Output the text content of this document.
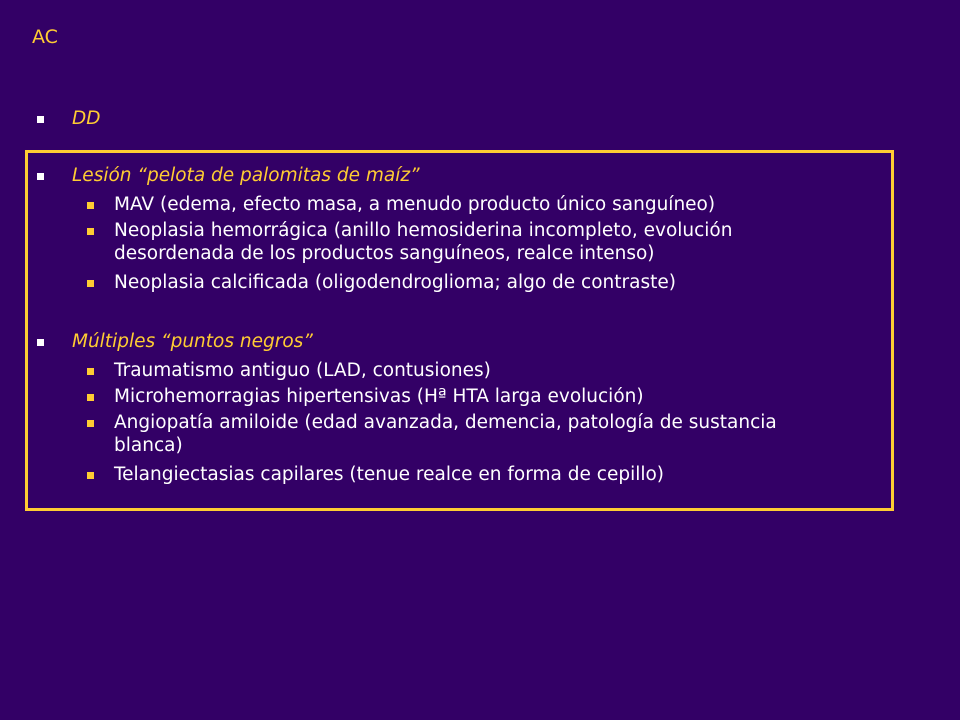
AC
DD
Lesión “pelota de palomitas de maíz”
MAV (edema, efecto masa, a menudo producto único sanguíneo)
Neoplasia hemorrágica (anillo hemosiderina incompleto, evolución
desordenada de los productos sanguíneos, realce intenso)
Neoplasia calcificada (oligodendroglioma; algo de contraste)
Múltiples “puntos negros”
Traumatismo antiguo (LAD, contusiones)
Microhemorragias hipertensivas (Hª HTA larga evolución)
Angiopatía amiloide (edad avanzada, demencia, patología de sustancia
blanca)
Telangiectasias capilares (tenue realce en forma de cepillo)
